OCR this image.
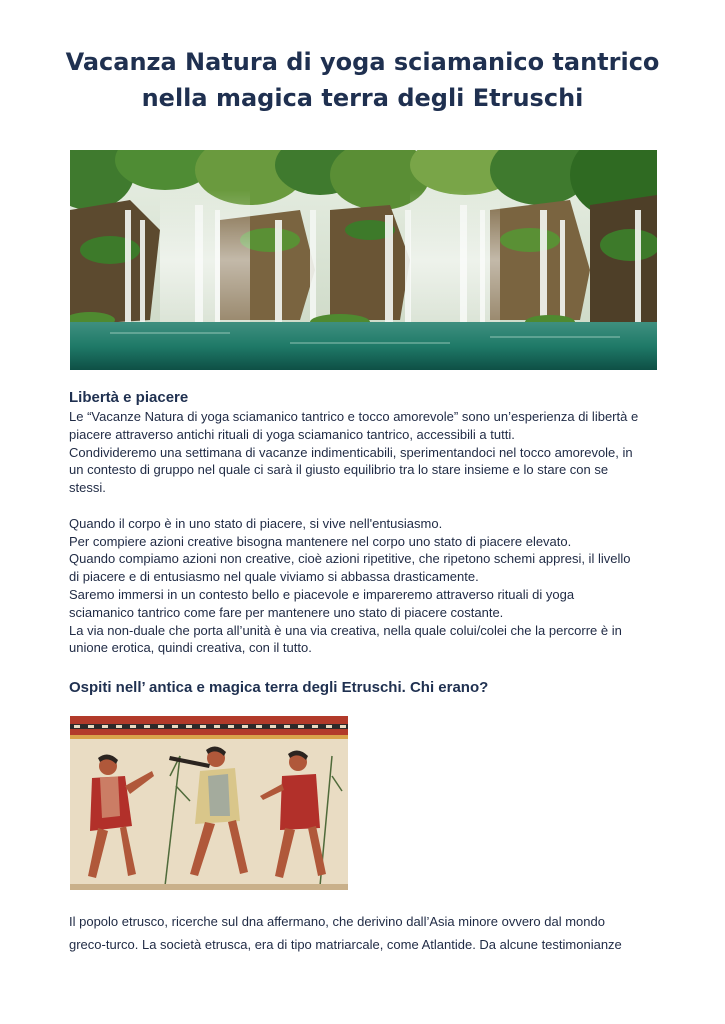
Vacanza Natura di yoga sciamanico tantrico
nella magica terra degli Etruschi
Libertà e piacere
Le “Vacanze Natura di yoga sciamanico tantrico e tocco amorevole” sono un’esperienza di libertà e
piacere attraverso antichi rituali di yoga sciamanico tantrico, accessibili a tutti.
Condivideremo una settimana di vacanze indimenticabili, sperimentandoci nel tocco amorevole, in
un contesto di gruppo nel quale ci sarà il giusto equilibrio tra lo stare insieme e lo stare con se
stessi.
Quando il corpo è in uno stato di piacere, si vive nell'entusiasmo.
Per compiere azioni creative bisogna mantenere nel corpo uno stato di piacere elevato.
Quando compiamo azioni non creative, cioè azioni ripetitive, che ripetono schemi appresi, il livello
di piacere e di entusiasmo nel quale viviamo si abbassa drasticamente.
Saremo immersi in un contesto bello e piacevole e impareremo attraverso rituali di yoga
sciamanico tantrico come fare per mantenere uno stato di piacere costante.
La via non-duale che porta all’unità è una via creativa, nella quale colui/colei che la percorre è in
unione erotica, quindi creativa, con il tutto.
Ospiti nell’ antica e magica terra degli Etruschi. Chi erano?
Il popolo etrusco, ricerche sul dna affermano, che derivino dall’Asia minore ovvero dal mondo
greco-turco. La società etrusca, era di tipo matriarcale, come Atlantide. Da alcune testimonianze
